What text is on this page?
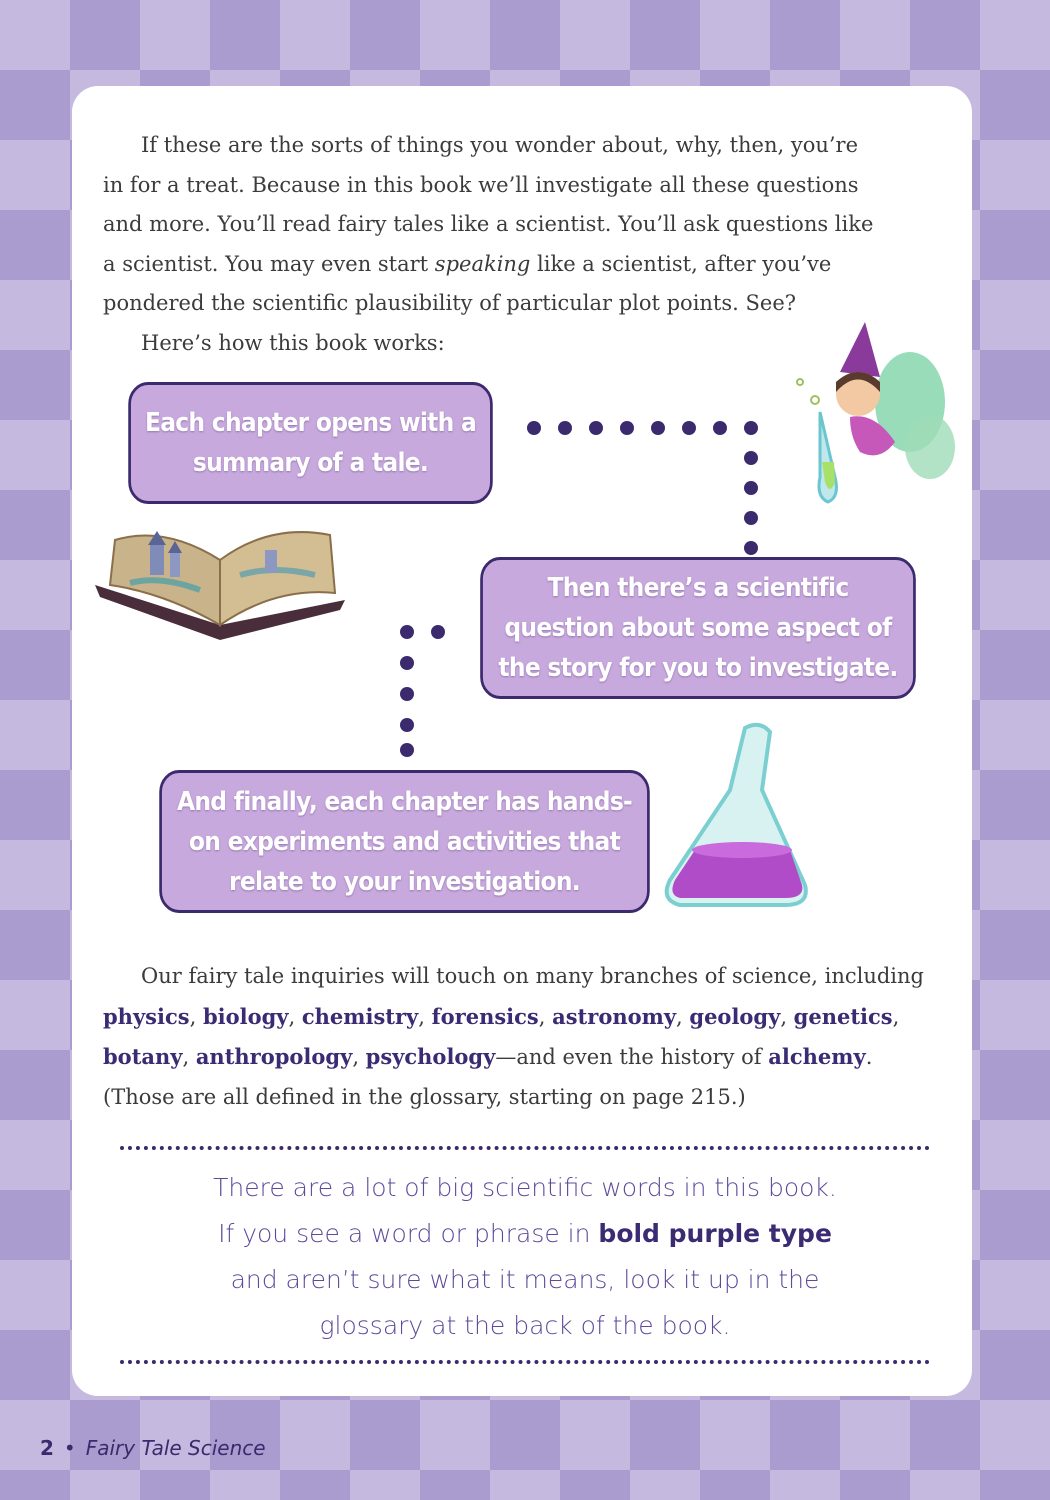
If these are the sorts of things you wonder about, why, then, you’re
in for a treat. Because in this book we’ll investigate all these questions
and more. You’ll read fairy tales like a scientist. You’ll ask questions like
a scientist. You may even start speaking like a scientist, after you’ve
pondered the scientific plausibility of particular plot points. See?
Here’s how this book works:

Each chapter opens with a summary of a tale.
Then there’s a scientific question about some aspect of the story for you to investigate.
And finally, each chapter has hands-on experiments and activities that relate to your investigation.

Our fairy tale inquiries will touch on many branches of science, including physics, biology, chemistry, forensics, astronomy, geology, genetics, botany, anthropology, psychology—and even the history of alchemy. (Those are all defined in the glossary, starting on page 215.)

There are a lot of big scientific words in this book.
If you see a word or phrase in bold purple type
and aren’t sure what it means, look it up in the
glossary at the back of the book.

2 • Fairy Tale Science
